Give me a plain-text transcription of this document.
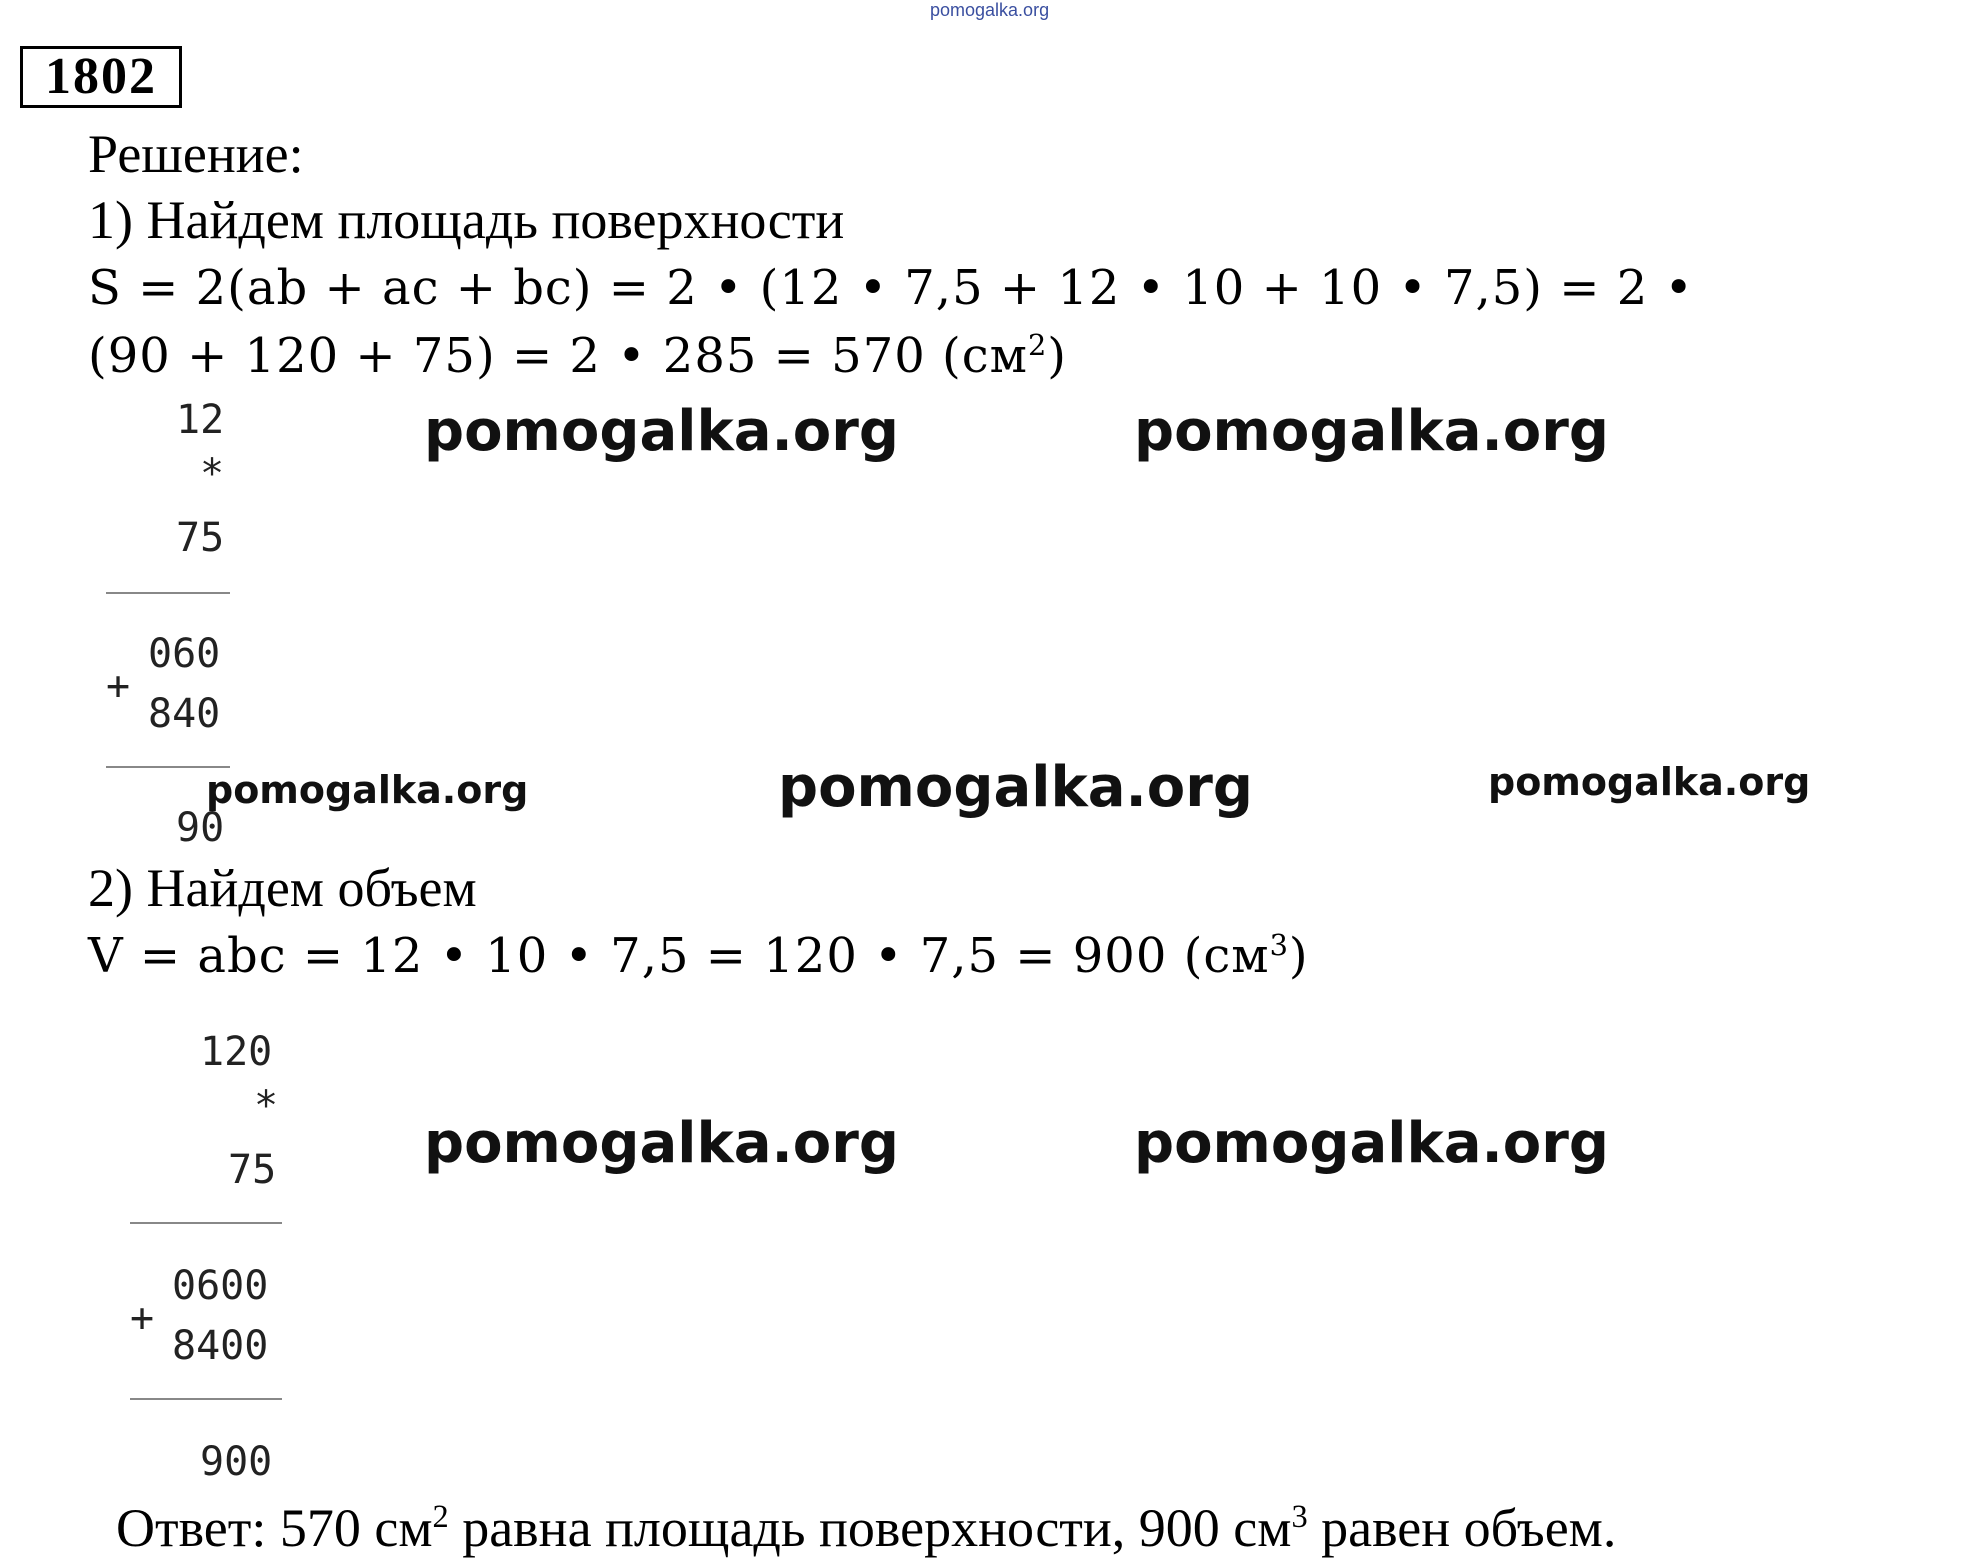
pomogalka.org
1802
Решение:
1) Найдем площадь поверхности
S = 2(ab + ac + bc) = 2 • (12 • 7,5 + 12 • 10 + 10 • 7,5) = 2 •
(90 + 120 + 75) = 2 • 285 = 570 $(см^2)$
12
*
75
060
+
840
90
2) Найдем объем
V = abc = 12 • 10 • 7,5 = 120 • 7,5 = 900 $(см^3)$
120
*
75
0600
+
8400
900
Ответ: 570 $см^2$ равна площадь поверхности, 900 $см^3$ равен объем.
pomogalka.org	pomogalka.org
pomogalka.org	pomogalka.org	pomogalka.org
pomogalka.org	pomogalka.org
